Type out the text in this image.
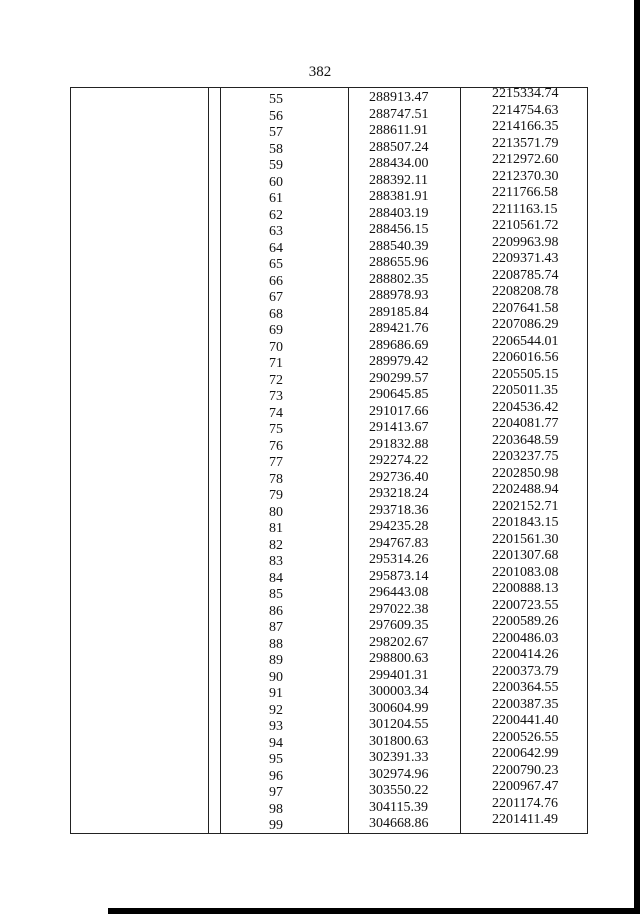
382
55	288913.47	2215334.74
56	288747.51	2214754.63
57	288611.91	2214166.35
58	288507.24	2213571.79
59	288434.00	2212972.60
60	288392.11	2212370.30
61	288381.91	2211766.58
62	288403.19	2211163.15
63	288456.15	2210561.72
64	288540.39	2209963.98
65	288655.96	2209371.43
66	288802.35	2208785.74
67	288978.93	2208208.78
68	289185.84	2207641.58
69	289421.76	2207086.29
70	289686.69	2206544.01
71	289979.42	2206016.56
72	290299.57	2205505.15
73	290645.85	2205011.35
74	291017.66	2204536.42
75	291413.67	2204081.77
76	291832.88	2203648.59
77	292274.22	2203237.75
78	292736.40	2202850.98
79	293218.24	2202488.94
80	293718.36	2202152.71
81	294235.28	2201843.15
82	294767.83	2201561.30
83	295314.26	2201307.68
84	295873.14	2201083.08
85	296443.08	2200888.13
86	297022.38	2200723.55
87	297609.35	2200589.26
88	298202.67	2200486.03
89	298800.63	2200414.26
90	299401.31	2200373.79
91	300003.34	2200364.55
92	300604.99	2200387.35
93	301204.55	2200441.40
94	301800.63	2200526.55
95	302391.33	2200642.99
96	302974.96	2200790.23
97	303550.22	2200967.47
98	304115.39	2201174.76
99	304668.86	2201411.49
